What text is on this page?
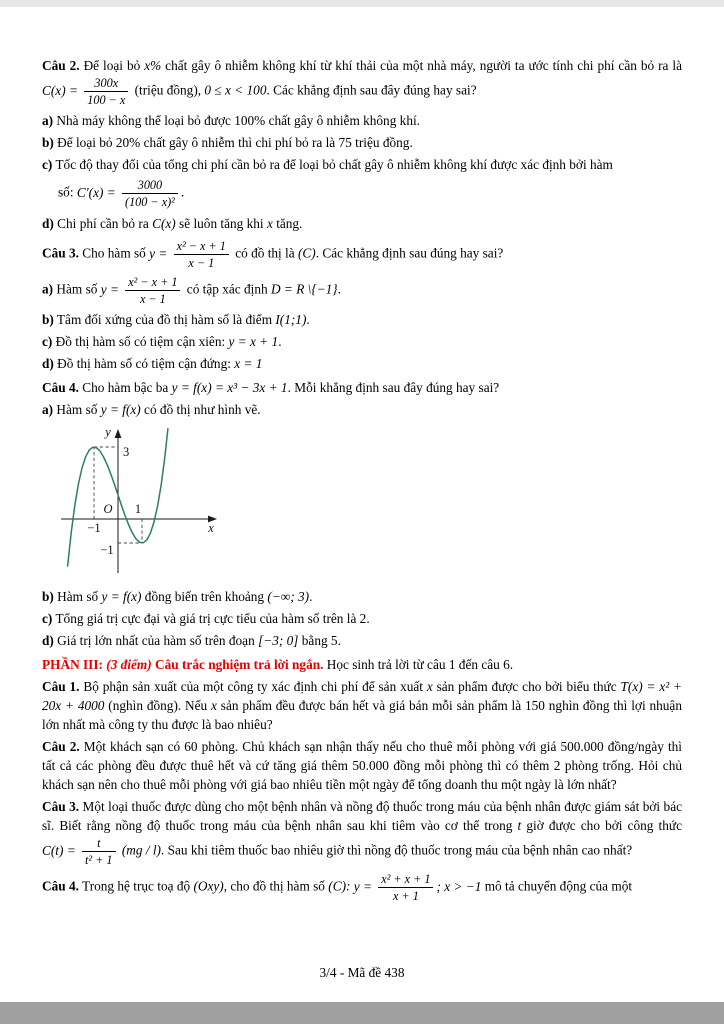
Câu 2. Để loại bỏ x% chất gây ô nhiễm không khí từ khí thải của một nhà máy, người ta ước tính chi phí cần bỏ ra là $C(x) = \frac{300x}{100 - x}$ (triệu đồng), 0 ≤ x < 100. Các khẳng định sau đây đúng hay sai?
a) Nhà máy không thể loại bỏ được 100% chất gây ô nhiễm không khí.
b) Để loại bỏ 20% chất gây ô nhiễm thì chi phí bỏ ra là 75 triệu đồng.
c) Tốc độ thay đổi của tổng chi phí cần bỏ ra để loại bỏ chất gây ô nhiễm không khí được xác định bởi hàm
số: $C'(x) = \frac{3000}{\text{(100 − x)²}}$ .
d) Chi phí cần bỏ ra C(x) sẽ luôn tăng khi x tăng.
Câu 3. Cho hàm số $y = \frac{\text{x² − x + 1}}{x - 1}$ có đồ thị là (C). Các khẳng định sau đúng hay sai?
a) Hàm số $y = \frac{\text{x² − x + 1}}{x - 1}$ có tập xác định D = R \{−1}.
b) Tâm đối xứng của đồ thị hàm số là điểm I(1;1).
c) Đồ thị hàm số có tiệm cận xiên: y = x + 1.
d) Đồ thị hàm số có tiệm cận đứng: x = 1
Câu 4. Cho hàm bậc ba y = f(x) = x³ − 3x + 1. Mỗi khẳng định sau đây đúng hay sai?
a) Hàm số y = f(x) có đồ thị như hình vẽ.
y
3
O 1
−1
−1
x
b) Hàm số y = f(x) đồng biến trên khoảng (−∞; 3).
c) Tổng giá trị cực đại và giá trị cực tiểu của hàm số trên là 2.
d) Giá trị lớn nhất của hàm số trên đoạn [−3; 0] bằng 5.
PHẦN III: (3 điểm) Câu trắc nghiệm trả lời ngắn. Học sinh trả lời từ câu 1 đến câu 6.
Câu 1. Bộ phận sản xuất của một công ty xác định chi phí để sản xuất x sản phẩm được cho bởi biểu thức T(x) = x² + 20x + 4000 (nghìn đồng). Nếu x sản phẩm đều được bán hết và giá bán mỗi sản phẩm là 150 nghìn đồng thì lợi nhuận lớn nhất mà công ty thu được là bao nhiêu?
Câu 2. Một khách sạn có 60 phòng. Chủ khách sạn nhận thấy nếu cho thuê mỗi phòng với giá 500.000 đồng/ngày thì tất cả các phòng đều được thuê hết và cứ tăng giá thêm 50.000 đồng mỗi phòng thì có thêm 2 phòng trống. Hỏi chủ khách sạn nên cho thuê mỗi phòng với giá bao nhiêu tiền một ngày để tổng doanh thu một ngày là lớn nhất?
Câu 3. Một loại thuốc được dùng cho một bệnh nhân và nồng độ thuốc trong máu của bệnh nhân được giám sát bởi bác sĩ. Biết rằng nồng độ thuốc trong máu của bệnh nhân sau khi tiêm vào cơ thể trong t giờ được cho bởi công thức $C(t) = \frac{t}{\text{t² + 1}} (mg / l)$. Sau khi tiêm thuốc bao nhiêu giờ thì nồng độ thuốc trong máu của bệnh nhân cao nhất?
Câu 4. Trong hệ trục toạ độ (Oxy), cho đồ thị hàm số (C): $y = \frac{\text{x² + x + 1}}{x + 1}$ ; x > −1 mô tả chuyển động của một
3/4 - Mã đề 438
